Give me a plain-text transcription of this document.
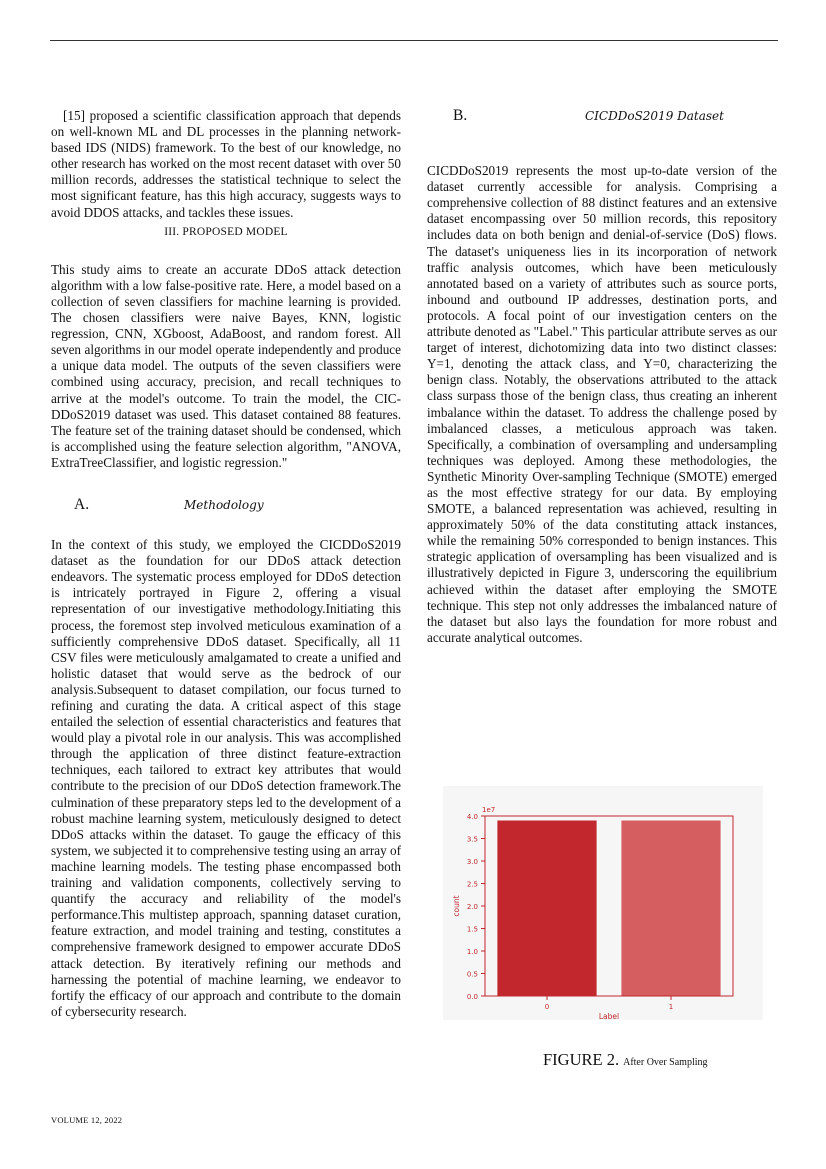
[15] proposed a scientific classification approach that depends on well-known ML and DL processes in the planning network-based IDS (NIDS) framework. To the best of our knowledge, no other research has worked on the most recent dataset with over 50 million records, addresses the statistical technique to select the most significant feature, has this high accuracy, suggests ways to avoid DDOS attacks, and tackles these issues.

III. PROPOSED MODEL

This study aims to create an accurate DDoS attack detection algorithm with a low false-positive rate. Here, a model based on a collection of seven classifiers for machine learning is provided. The chosen classifiers were naive Bayes, KNN, logistic regression, CNN, XGboost, AdaBoost, and random forest. All seven algorithms in our model operate independently and produce a unique data model. The outputs of the seven classifiers were combined using accuracy, precision, and recall techniques to arrive at the model's outcome. To train the model, the CIC-DDoS2019 dataset was used. This dataset contained 88 features. The feature set of the training dataset should be condensed, which is accomplished using the feature selection algorithm, "ANOVA, ExtraTreeClassifier, and logistic regression."

A.	Methodology

In the context of this study, we employed the CICDDoS2019 dataset as the foundation for our DDoS attack detection endeavors. The systematic process employed for DDoS detection is intricately portrayed in Figure 2, offering a visual representation of our investigative methodology.Initiating this process, the foremost step involved meticulous examination of a sufficiently comprehensive DDoS dataset. Specifically, all 11 CSV files were meticulously amalgamated to create a unified and holistic dataset that would serve as the bedrock of our analysis.Subsequent to dataset compilation, our focus turned to refining and curating the data. A critical aspect of this stage entailed the selection of essential characteristics and features that would play a pivotal role in our analysis. This was accomplished through the application of three distinct feature-extraction techniques, each tailored to extract key attributes that would contribute to the precision of our DDoS detection framework.The culmination of these preparatory steps led to the development of a robust machine learning system, meticulously designed to detect DDoS attacks within the dataset. To gauge the efficacy of this system, we subjected it to comprehensive testing using an array of machine learning models. The testing phase encompassed both training and validation components, collectively serving to quantify the accuracy and reliability of the model's performance.This multistep approach, spanning dataset curation, feature extraction, and model training and testing, constitutes a comprehensive framework designed to empower accurate DDoS attack detection. By iteratively refining our methods and harnessing the potential of machine learning, we endeavor to fortify the efficacy of our approach and contribute to the domain of cybersecurity research.

B.	CICDDoS2019 Dataset

CICDDoS2019 represents the most up-to-date version of the dataset currently accessible for analysis. Comprising a comprehensive collection of 88 distinct features and an extensive dataset encompassing over 50 million records, this repository includes data on both benign and denial-of-service (DoS) flows. The dataset's uniqueness lies in its incorporation of network traffic analysis outcomes, which have been meticulously annotated based on a variety of attributes such as source ports, inbound and outbound IP addresses, destination ports, and protocols. A focal point of our investigation centers on the attribute denoted as "Label." This particular attribute serves as our target of interest, dichotomizing data into two distinct classes: Y=1, denoting the attack class, and Y=0, characterizing the benign class. Notably, the observations attributed to the attack class surpass those of the benign class, thus creating an inherent imbalance within the dataset. To address the challenge posed by imbalanced classes, a meticulous approach was taken. Specifically, a combination of oversampling and undersampling techniques was deployed. Among these methodologies, the Synthetic Minority Over-sampling Technique (SMOTE) emerged as the most effective strategy for our data. By employing SMOTE, a balanced representation was achieved, resulting in approximately 50% of the data constituting attack instances, while the remaining 50% corresponded to benign instances. This strategic application of oversampling has been visualized and is illustratively depicted in Figure 3, underscoring the equilibrium achieved within the dataset after employing the SMOTE technique. This step not only addresses the imbalanced nature of the dataset but also lays the foundation for more robust and accurate analytical outcomes.

0.0
0.5
1.0
1.5
2.0
2.5
3.0
3.5
4.0
0	1
1e7
Label
count
FIGURE 2. After Over Sampling
VOLUME 12, 2022
